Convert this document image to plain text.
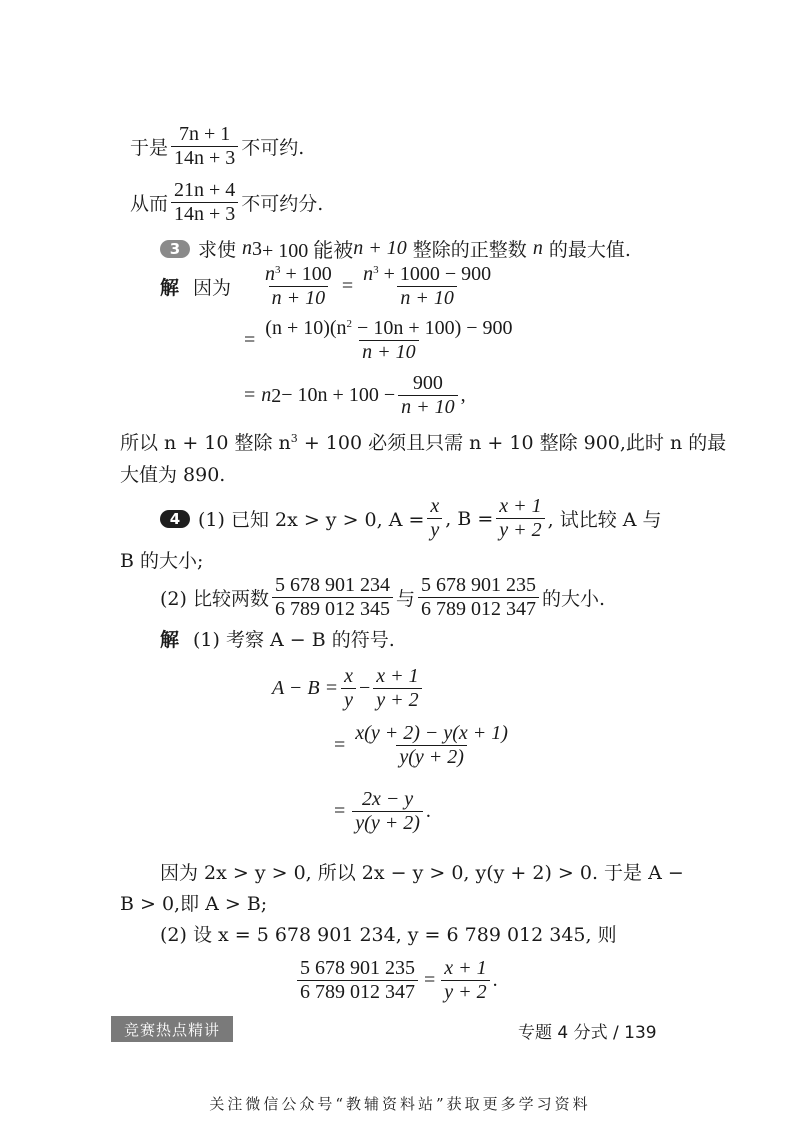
于是 $\frac{7n + 1}{14n + 3}$ 不可约.
从而 $\frac{21n + 4}{14n + 3}$ 不可约分.
3 求使 n 3 + 100 能被 n + 10 整除的正整数 n 的最大值.
解 因为 $\frac{n^3 + 100}{n + 10} = \frac{n^3 + 1000 - 900}{n + 10}$
= $\frac{(n + 10)(n^2 - 10n + 100) - 900}{n + 10}$
= n $2 - 10n + 100 - \frac{900}{n + 10}$ ,
所以 n + 10 整除 $n^3 + 100$ 必须且只需 n + 10 整除 900,此时 n 的最
大值为 890.
4 (1) 已知 2x > y > 0, $A = \frac{x}{y}$ , $B = \frac{x + 1}{y + 2}$ , 试比较 A 与
B 的大小;
(2) 比较两数 $\frac{5 678 901 234}{6 789 012 345}$ 与 $\frac{5 678 901 235}{6 789 012 347}$ 的大小.
解 (1) 考察 A − B 的符号.
$A - B = \frac{x}{y} - \frac{x + 1}{y + 2}$
= $\frac{x(y + 2) - y(x + 1)}{y(y + 2)}$
= $\frac{2x - y}{y(y + 2)}$ .
因为 2x > y > 0, 所以 2x − y > 0, y(y + 2) > 0. 于是 A −
B > 0,即 A > B;
(2) 设 x = 5 678 901 234, y = 6 789 012 345, 则
$\frac{5 678 901 235}{6 789 012 347} = \frac{x + 1}{y + 2}$ .
竞赛热点精讲	专题 4 分式 / 139
关注微信公众号“教辅资料站”获取更多学习资料
